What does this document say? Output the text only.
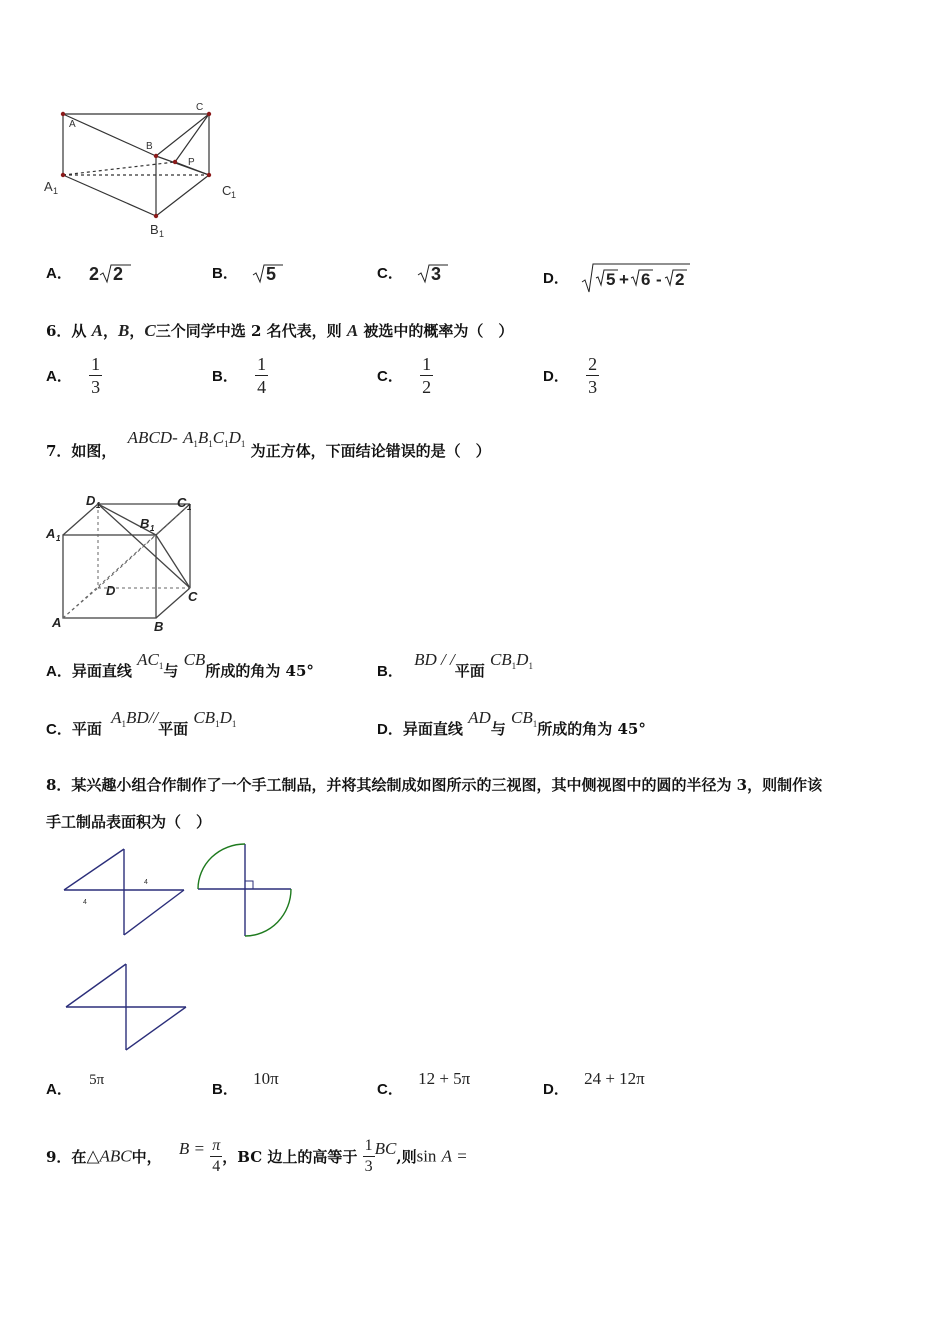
A
B
C
P
A 1	C 1
B 1
A． 2 2	B． 5	C． 3	D． 5 + 6 - 2
6．从 A，B，C三个同学中选 2 名代表，则 A 被选中的概率为（　）
A． $\frac{1}{3}$	B． $\frac{1}{4}$	C． $\frac{1}{2}$	D． $\frac{2}{3}$
7．如图， ABCD- $A_1B_1C_1D_1$ 为正方体，下面结论错误的是（　）
A 1
D 1	C 1
B 1
A	B
C
D
A．异面直线 $AC_1$与 CB所成的角为 45°	B． BD / /平面 $CB_1D_1$
C．平面 $A_1BD//$平面 $CB_1D_1$	D．异面直线 AD与 $CB_1$所成的角为 45°
8．某兴趣小组合作制作了一个手工制品，并将其绘制成如图所示的三视图，其中侧视图中的圆的半径为 3，则制作该
手工制品表面积为（　）
4
4
A． 5π
B． 10π
C． 12 + 5π
D． 24 + 12π
9．在△ABC中， $B = \frac{\pi}{4}$ ，BC 边上的高等于 $\frac{1}{3}$ BC,则sin A =
